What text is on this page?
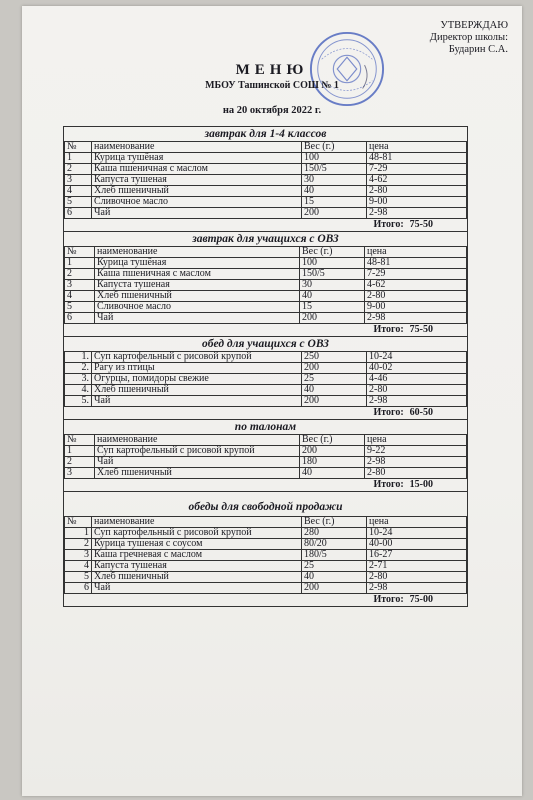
УТВЕРЖДАЮ
Директор школы:
Бударин С.А.
МЕНЮ
МБОУ Ташинской СОШ № 1
на 20 октября 2022 г.
завтрак для 1-4 классов
№	наименование	Вес (г.)	цена
1	Курица тушёная	100	48-81
2	Каша пшеничная с маслом	150/5	7-29
3	Капуста тушеная	30	4-62
4	Хлеб пшеничный	40	2-80
5	Сливочное масло	15	9-00
6	Чай	200	2-98
Итого: 75-50
завтрак для учащихся с ОВЗ
№	наименование	Вес (г.)	цена
1	Курица тушёная	100	48-81
2	Каша пшеничная с маслом	150/5	7-29
3	Капуста тушеная	30	4-62
4	Хлеб пшеничный	40	2-80
5	Сливочное масло	15	9-00
6	Чай	200	2-98
Итого: 75-50
обед для учащихся с ОВЗ
1.	Суп картофельный с рисовой крупой	250	10-24
2.	Рагу из птицы	200	40-02
3.	Огурцы, помидоры свежие	25	4-46
4.	Хлеб пшеничный	40	2-80
5.	Чай	200	2-98
Итого: 60-50
по талонам
№	наименование	Вес (г.)	цена
1	Суп картофельный с рисовой крупой	200	9-22
2	Чай	180	2-98
3	Хлеб пшеничный	40	2-80
Итого: 15-00
обеды для свободной продажи
№	наименование	Вес (г.)	цена
1	Суп картофельный с рисовой крупой	280	10-24
2	Курица тушеная с соусом	80/20	40-00
3	Каша гречневая с маслом	180/5	16-27
4	Капуста тушеная	25	2-71
5	Хлеб пшеничный	40	2-80
6	Чай	200	2-98
Итого: 75-00
